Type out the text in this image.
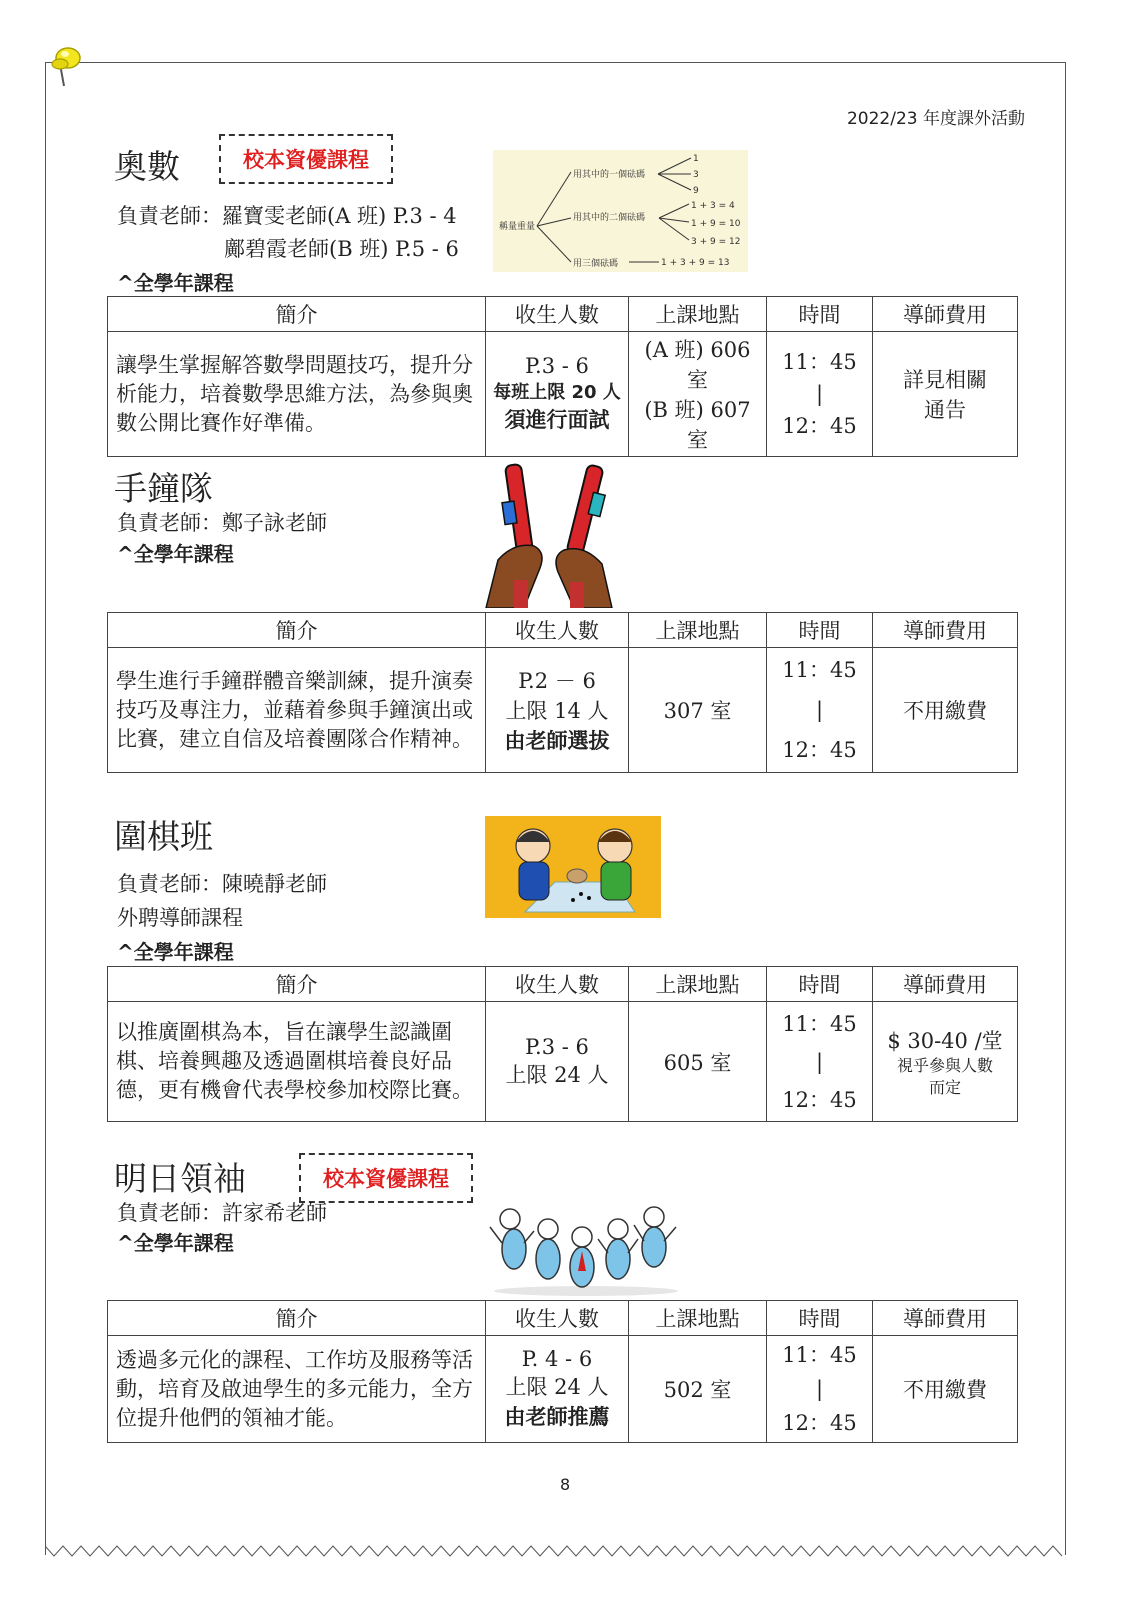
2022/23 年度課外活動
奧數	校本資優課程
負責老師：羅寶雯老師(A 班) P.3 - 4
鄺碧霞老師(B 班) P.5 - 6
^全學年課程
稱量重量
用其中的一個砝碼
用其中的二個砝碼
用三個砝碼
1
3
9
1 + 3 = 4
1 + 9 = 10
3 + 9 = 12
1 + 3 + 9 = 13
簡介	收生人數	上課地點	時間	導師費用
讓學生掌握解答數學問題技巧，提升分析能力，培養數學思維方法，為參與奧數公開比賽作好準備。	P.3 - 6
每班上限 20 人
須進行面試	(A 班) 606 室
(B 班) 607 室	11：45
|
12：45	詳見相關
通告
手鐘隊
負責老師：鄭子詠老師
^全學年課程
簡介	收生人數	上課地點	時間	導師費用
學生進行手鐘群體音樂訓練，提升演奏技巧及專注力，並藉着參與手鐘演出或比賽，建立自信及培養團隊合作精神。	P.2 － 6
上限 14 人
由老師選拔	307 室	11：45
|
12：45	不用繳費
圍棋班
負責老師：陳曉靜老師
外聘導師課程
^全學年課程
簡介	收生人數	上課地點	時間	導師費用
以推廣圍棋為本，旨在讓學生認識圍棋、培養興趣及透過圍棋培養良好品德，更有機會代表學校參加校際比賽。	P.3 - 6
上限 24 人	605 室	11：45
|
12：45	$ 30-40 /堂
視乎參與人數
而定
明日領袖	校本資優課程
負責老師：許家希老師
^全學年課程
簡介	收生人數	上課地點	時間	導師費用
透過多元化的課程、工作坊及服務等活動，培育及啟迪學生的多元能力，全方位提升他們的領袖才能。	P. 4 - 6
上限 24 人
由老師推薦	502 室	11：45
|
12：45	不用繳費
8
